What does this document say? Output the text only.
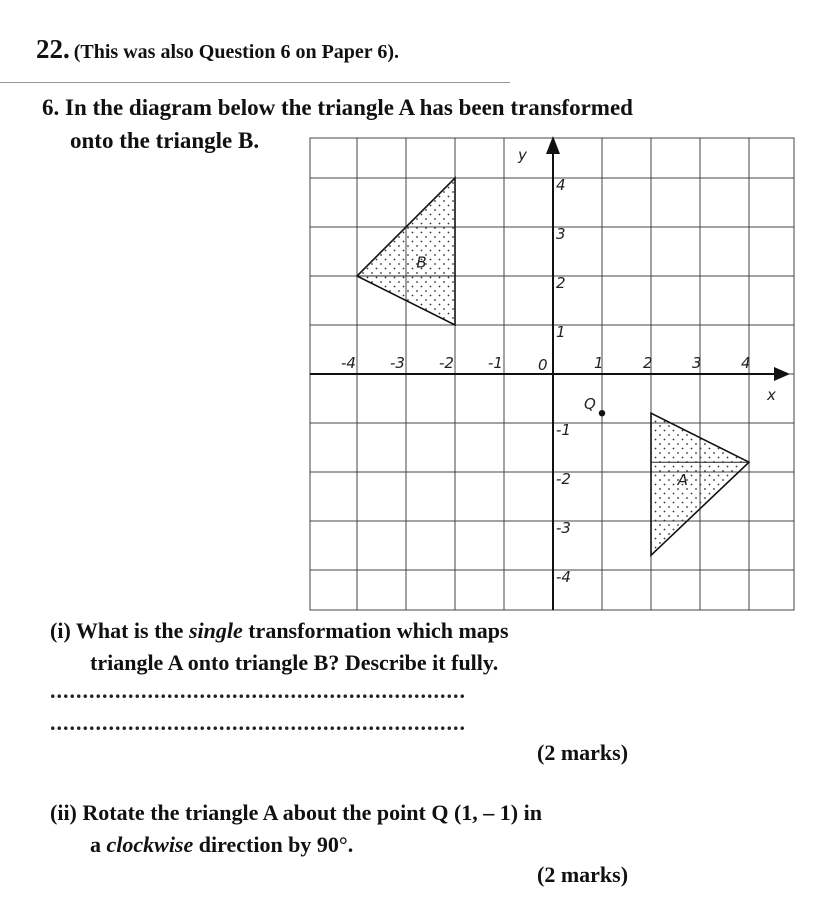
22. (This was also Question 6 on Paper 6).
6. In the diagram below the triangle A has been transformed
onto the triangle B.
y
x
0
-4 -3 -2 -1	1	2	3	4
4
3
2
1
-1
-2
-3
-4
B
A
Q
(i) What is the single transformation which maps
triangle A onto triangle B? Describe it fully.
................................................................
................................................................
(2 marks)
(ii) Rotate the triangle A about the point Q (1, – 1) in
a clockwise direction by 90°.
(2 marks)
